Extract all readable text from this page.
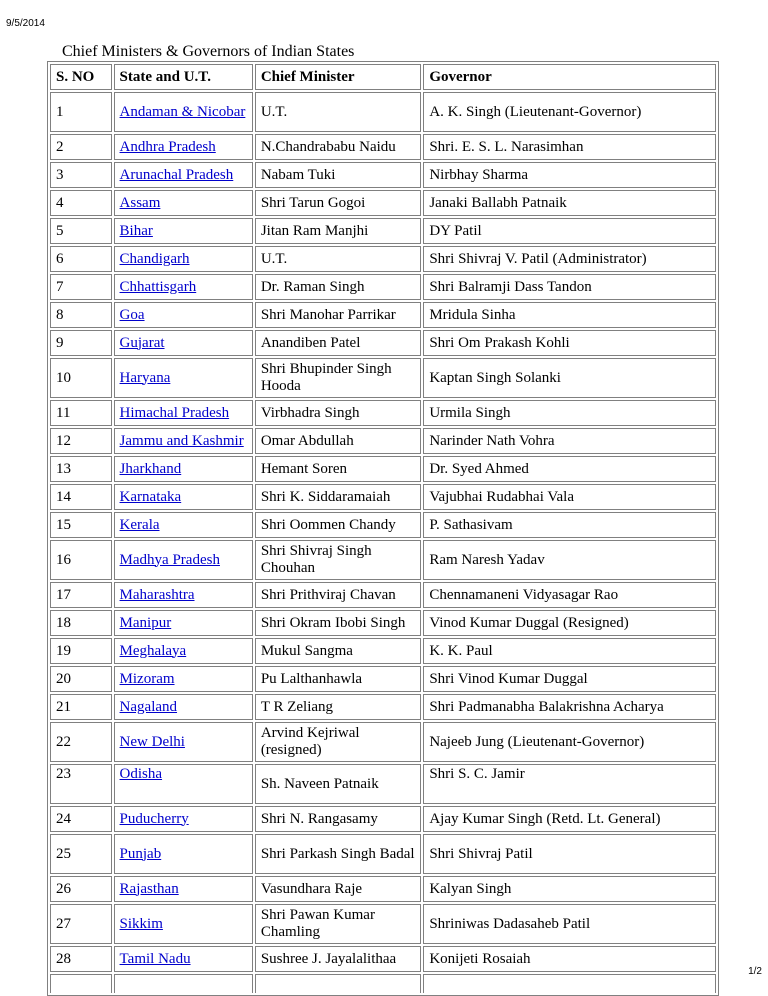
9/5/2014
Chief Ministers & Governors of Indian States
S. NO	State and U.T.	Chief Minister	Governor
1	Andaman & Nicobar	U.T.	A. K. Singh (Lieutenant-Governor)
2	Andhra Pradesh	N.Chandrababu Naidu	Shri. E. S. L. Narasimhan
3	Arunachal Pradesh	Nabam Tuki	Nirbhay Sharma
4	Assam	Shri Tarun Gogoi	Janaki Ballabh Patnaik
5	Bihar	Jitan Ram Manjhi	DY Patil
6	Chandigarh	U.T.	Shri Shivraj V. Patil (Administrator)
7	Chhattisgarh	Dr. Raman Singh	Shri Balramji Dass Tandon
8	Goa	Shri Manohar Parrikar	Mridula Sinha
9	Gujarat	Anandiben Patel	Shri Om Prakash Kohli
10	Haryana	Shri Bhupinder Singh Hooda	Kaptan Singh Solanki
11	Himachal Pradesh	Virbhadra Singh	Urmila Singh
12	Jammu and Kashmir	Omar Abdullah	Narinder Nath Vohra
13	Jharkhand	Hemant Soren	Dr. Syed Ahmed
14	Karnataka	Shri K. Siddaramaiah	Vajubhai Rudabhai Vala
15	Kerala	Shri Oommen Chandy	P. Sathasivam
16	Madhya Pradesh	Shri Shivraj Singh Chouhan	Ram Naresh Yadav
17	Maharashtra	Shri Prithviraj Chavan	Chennamaneni Vidyasagar Rao
18	Manipur	Shri Okram Ibobi Singh	Vinod Kumar Duggal (Resigned)
19	Meghalaya	Mukul Sangma	K. K. Paul
20	Mizoram	Pu Lalthanhawla	Shri Vinod Kumar Duggal
21	Nagaland	T R Zeliang	Shri Padmanabha Balakrishna Acharya
22	New Delhi	Arvind Kejriwal (resigned)	Najeeb Jung (Lieutenant-Governor)
23	Odisha	Sh. Naveen Patnaik	Shri S. C. Jamir
24	Puducherry	Shri N. Rangasamy	Ajay Kumar Singh (Retd. Lt. General)
25	Punjab	Shri Parkash Singh Badal	Shri Shivraj Patil
26	Rajasthan	Vasundhara Raje	Kalyan Singh
27	Sikkim	Shri Pawan Kumar Chamling	Shriniwas Dadasaheb Patil
28	Tamil Nadu	Sushree J. Jayalalithaa	Konijeti Rosaiah

1/2
